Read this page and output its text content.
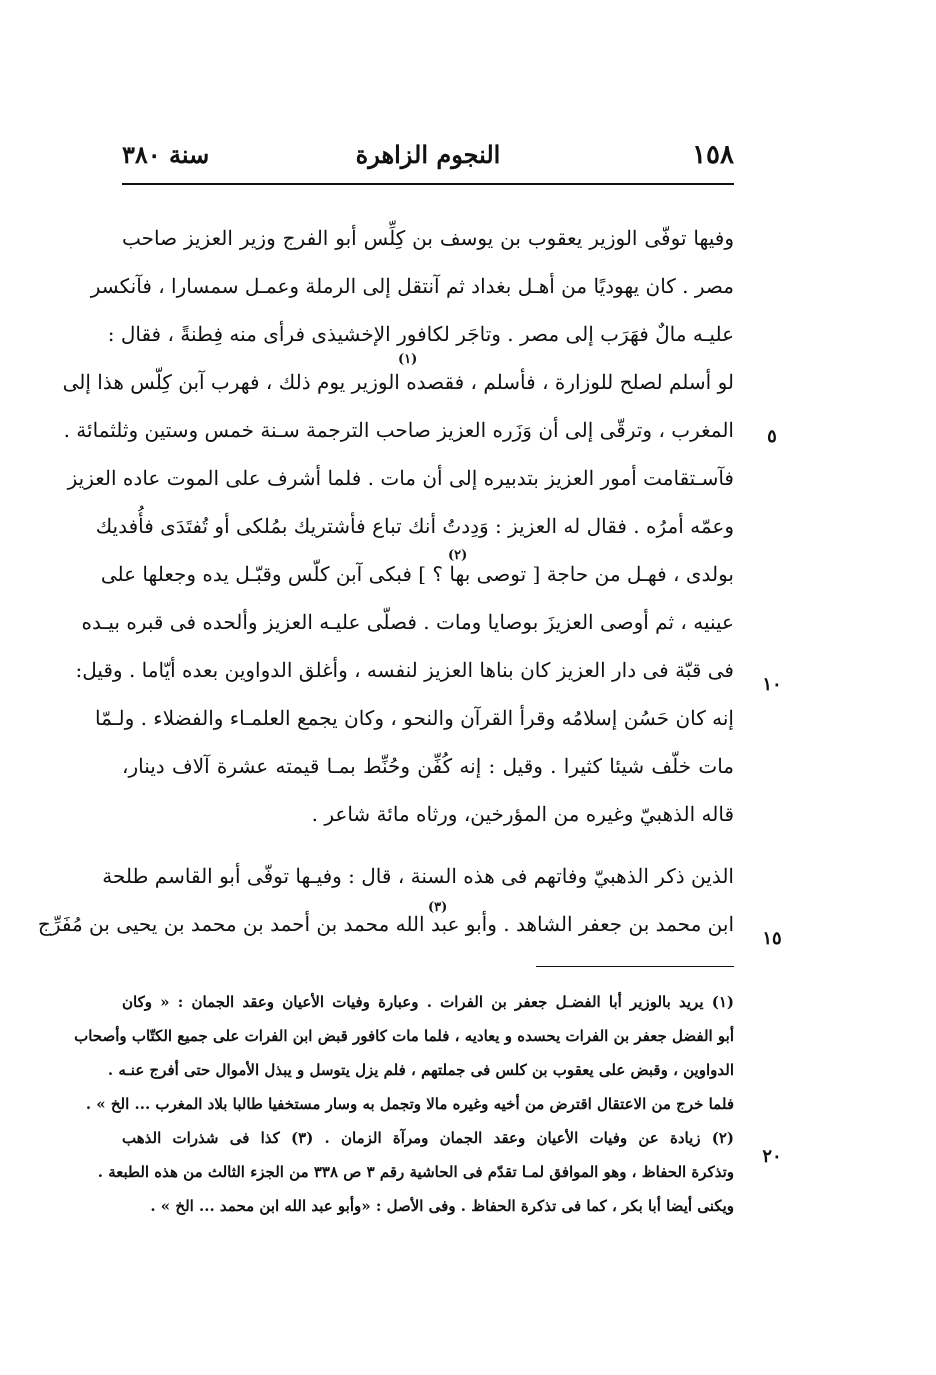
١٥٨
النجوم الزاهرة
سنة ٣٨٠
وفيها توفّى الوزير يعقوب بن يوسف بن كِلِّس أبو الفرج وزير العزيز صاحب
مصر . كان يهوديًا من أهـل بغداد ثم آنتقل إلى الرملة وعمـل سمسارا ، فآنكسر
عليـه مالٌ فهَرَب إلى مصر . وتاجَر لكافور الإخشيذى فرأى منه فِطنةً ، فقال :
لو أسلم لصلح للوزارة ، فأسلم ، فقصده الوزير يوم ذلك ، فهرب آبن كِلّس هذا إلى
المغرب ، وترقّى إلى أن وَزَره العزيز صاحب الترجمة سـنة خمس وستين وثلثمائة .
فآسـتقامت أمور العزيز بتدبيره إلى أن مات . فلما أشرف على الموت عاده العزيز
وعمّه أمرُه . فقال له العزيز : وَدِدتُ أنك تباع فأشتريك بمُلكى أو تُفتَدَى فأُفديك
بولدى ، فهـل من حاجة [ توصى بها ؟ ] فبكى آبن كلّس وقبّـل يده وجعلها على
عينيه ، ثم أوصى العزيزَ بوصايا ومات . فصلّى عليـه العزيز وألحده فى قبره بيـده
فى قبّة فى دار العزيز كان بناها العزيز لنفسه ، وأغلق الدواوين بعده أيّاما . وقيل:
إنه كان حَسُن إسلامُه وقرأ القرآن والنحو ، وكان يجمع العلمـاء والفضلاء . ولـمّا
مات خلّف شيئا كثيرا . وقيل : إنه كُفِّن وحُنِّط بمـا قيمته عشرة آلاف دينار،
قاله الذهبيّ وغيره من المؤرخين، ورثاه مائة شاعر .
الذين ذكر الذهبيّ وفاتهم فى هذه السنة ، قال : وفيـها توفّى أبو القاسم طلحة
ابن محمد بن جعفر الشاهد . وأبو عبد الله محمد بن أحمد بن محمد بن يحيى بن مُفَرِّج
(١)
(٢)
(٣)
٥
١٠
١٥
٢٠
(١) يريد بالوزير أبا الفضـل جعفر بن الفرات . وعبارة وفيات الأعيان وعقد الجمان : « وكان
أبو الفضل جعفر بن الفرات يحسده و يعاديه ، فلما مات كافور قبض ابن الفرات على جميع الكتّاب وأصحاب
الدواوين ، وقبض على يعقوب بن كلس فى جملتهم ، فلم يزل يتوسل و يبذل الأموال حتى أفرج عنـه .
فلما خرج من الاعتقال اقترض من أخيه وغيره مالا وتجمل به وسار مستخفيا طالبا بلاد المغرب ... الخ » .
(٢) زيادة عن وفيات الأعيان وعقد الجمان ومرآة الزمان . (٣) كذا فى شذرات الذهب
وتذكرة الحفاظ ، وهو الموافق لمـا تقدّم فى الحاشية رقم ٣ ص ٣٣٨ من الجزء الثالث من هذه الطبعة .
ويكنى أيضا أبا بكر ، كما فى تذكرة الحفاظ . وفى الأصل : «وأبو عبد الله ابن محمد ... الخ » .
